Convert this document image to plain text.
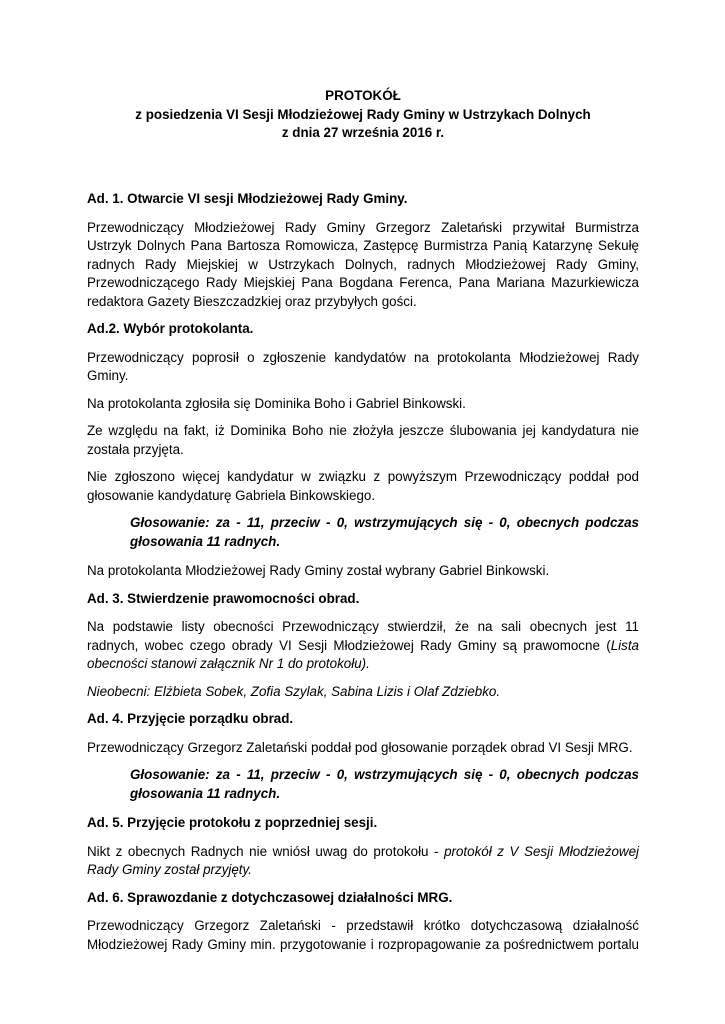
PROTOKÓŁ
z posiedzenia VI Sesji Młodzieżowej Rady Gminy w Ustrzykach Dolnych
z dnia 27 września 2016 r.

Ad. 1. Otwarcie VI sesji Młodzieżowej Rady Gminy.

Przewodniczący Młodzieżowej Rady Gminy Grzegorz Zaletański przywitał Burmistrza Ustrzyk Dolnych Pana Bartosza Romowicza, Zastępcę Burmistrza Panią Katarzynę Sekułę radnych Rady Miejskiej w Ustrzykach Dolnych, radnych Młodzieżowej Rady Gminy, Przewodniczącego Rady Miejskiej Pana Bogdana Ferenca, Pana Mariana Mazurkiewicza redaktora Gazety Bieszczadzkiej oraz przybyłych gości.

Ad.2. Wybór protokolanta.

Przewodniczący poprosił o zgłoszenie kandydatów na protokolanta Młodzieżowej Rady Gminy.

Na protokolanta zgłosiła się Dominika Boho i Gabriel Binkowski.

Ze względu na fakt, iż Dominika Boho nie złożyła jeszcze ślubowania jej kandydatura nie została przyjęta.

Nie zgłoszono więcej kandydatur w związku z powyższym Przewodniczący poddał pod głosowanie kandydaturę Gabriela Binkowskiego.

Głosowanie: za - 11, przeciw - 0, wstrzymujących się - 0, obecnych podczas głosowania 11 radnych.

Na protokolanta Młodzieżowej Rady Gminy został wybrany Gabriel Binkowski.

Ad. 3. Stwierdzenie prawomocności obrad.

Na podstawie listy obecności Przewodniczący stwierdził, że na sali obecnych jest 11 radnych, wobec czego obrady VI Sesji Młodzieżowej Rady Gminy są prawomocne (Lista obecności stanowi załącznik Nr 1 do protokołu).

Nieobecni: Elżbieta Sobek, Zofia Szylak, Sabina Lizis i Olaf Zdziebko.

Ad. 4. Przyjęcie porządku obrad.

Przewodniczący Grzegorz Zaletański poddał pod głosowanie porządek obrad VI Sesji MRG.

Głosowanie: za - 11, przeciw - 0, wstrzymujących się - 0, obecnych podczas głosowania 11 radnych.

Ad. 5. Przyjęcie protokołu z poprzedniej sesji.

Nikt z obecnych Radnych nie wniósł uwag do protokołu - protokół z V Sesji Młodzieżowej Rady Gminy został przyjęty.

Ad. 6. Sprawozdanie z dotychczasowej działalności MRG.

Przewodniczący Grzegorz Zaletański - przedstawił krótko dotychczasową działalność Młodzieżowej Rady Gminy min. przygotowanie i rozpropagowanie za pośrednictwem portalu
